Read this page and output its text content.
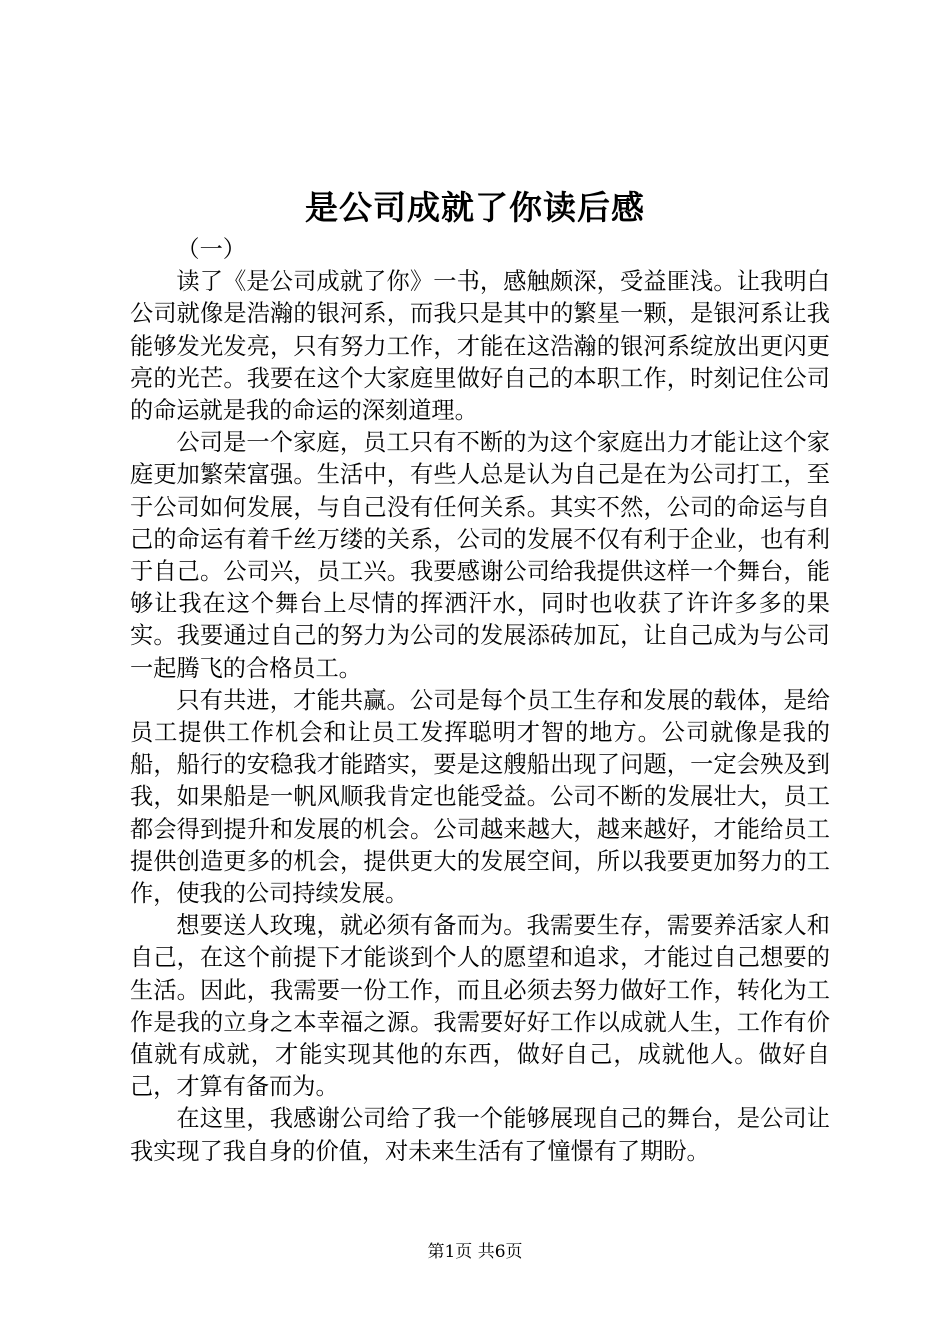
是公司成就了你读后感

（一）

读了《是公司成就了你》一书，感触颇深，受益匪浅。让我明白公司就像是浩瀚的银河系，而我只是其中的繁星一颗，是银河系让我能够发光发亮，只有努力工作，才能在这浩瀚的银河系绽放出更闪更亮的光芒。我要在这个大家庭里做好自己的本职工作，时刻记住公司的命运就是我的命运的深刻道理。

公司是一个家庭，员工只有不断的为这个家庭出力才能让这个家庭更加繁荣富强。生活中，有些人总是认为自己是在为公司打工，至于公司如何发展，与自己没有任何关系。其实不然，公司的命运与自己的命运有着千丝万缕的关系，公司的发展不仅有利于企业，也有利于自己。公司兴，员工兴。我要感谢公司给我提供这样一个舞台，能够让我在这个舞台上尽情的挥洒汗水，同时也收获了许许多多的果实。我要通过自己的努力为公司的发展添砖加瓦，让自己成为与公司一起腾飞的合格员工。

只有共进，才能共赢。公司是每个员工生存和发展的载体，是给员工提供工作机会和让员工发挥聪明才智的地方。公司就像是我的船，船行的安稳我才能踏实，要是这艘船出现了问题，一定会殃及到我，如果船是一帆风顺我肯定也能受益。公司不断的发展壮大，员工都会得到提升和发展的机会。公司越来越大，越来越好，才能给员工提供创造更多的机会，提供更大的发展空间，所以我要更加努力的工作，使我的公司持续发展。

想要送人玫瑰，就必须有备而为。我需要生存，需要养活家人和自己，在这个前提下才能谈到个人的愿望和追求，才能过自己想要的生活。因此，我需要一份工作，而且必须去努力做好工作，转化为工作是我的立身之本幸福之源。我需要好好工作以成就人生，工作有价值就有成就，才能实现其他的东西，做好自己，成就他人。做好自己，才算有备而为。

在这里，我感谢公司给了我一个能够展现自己的舞台，是公司让我实现了我自身的价值，对未来生活有了憧憬有了期盼。

第1页 共6页
